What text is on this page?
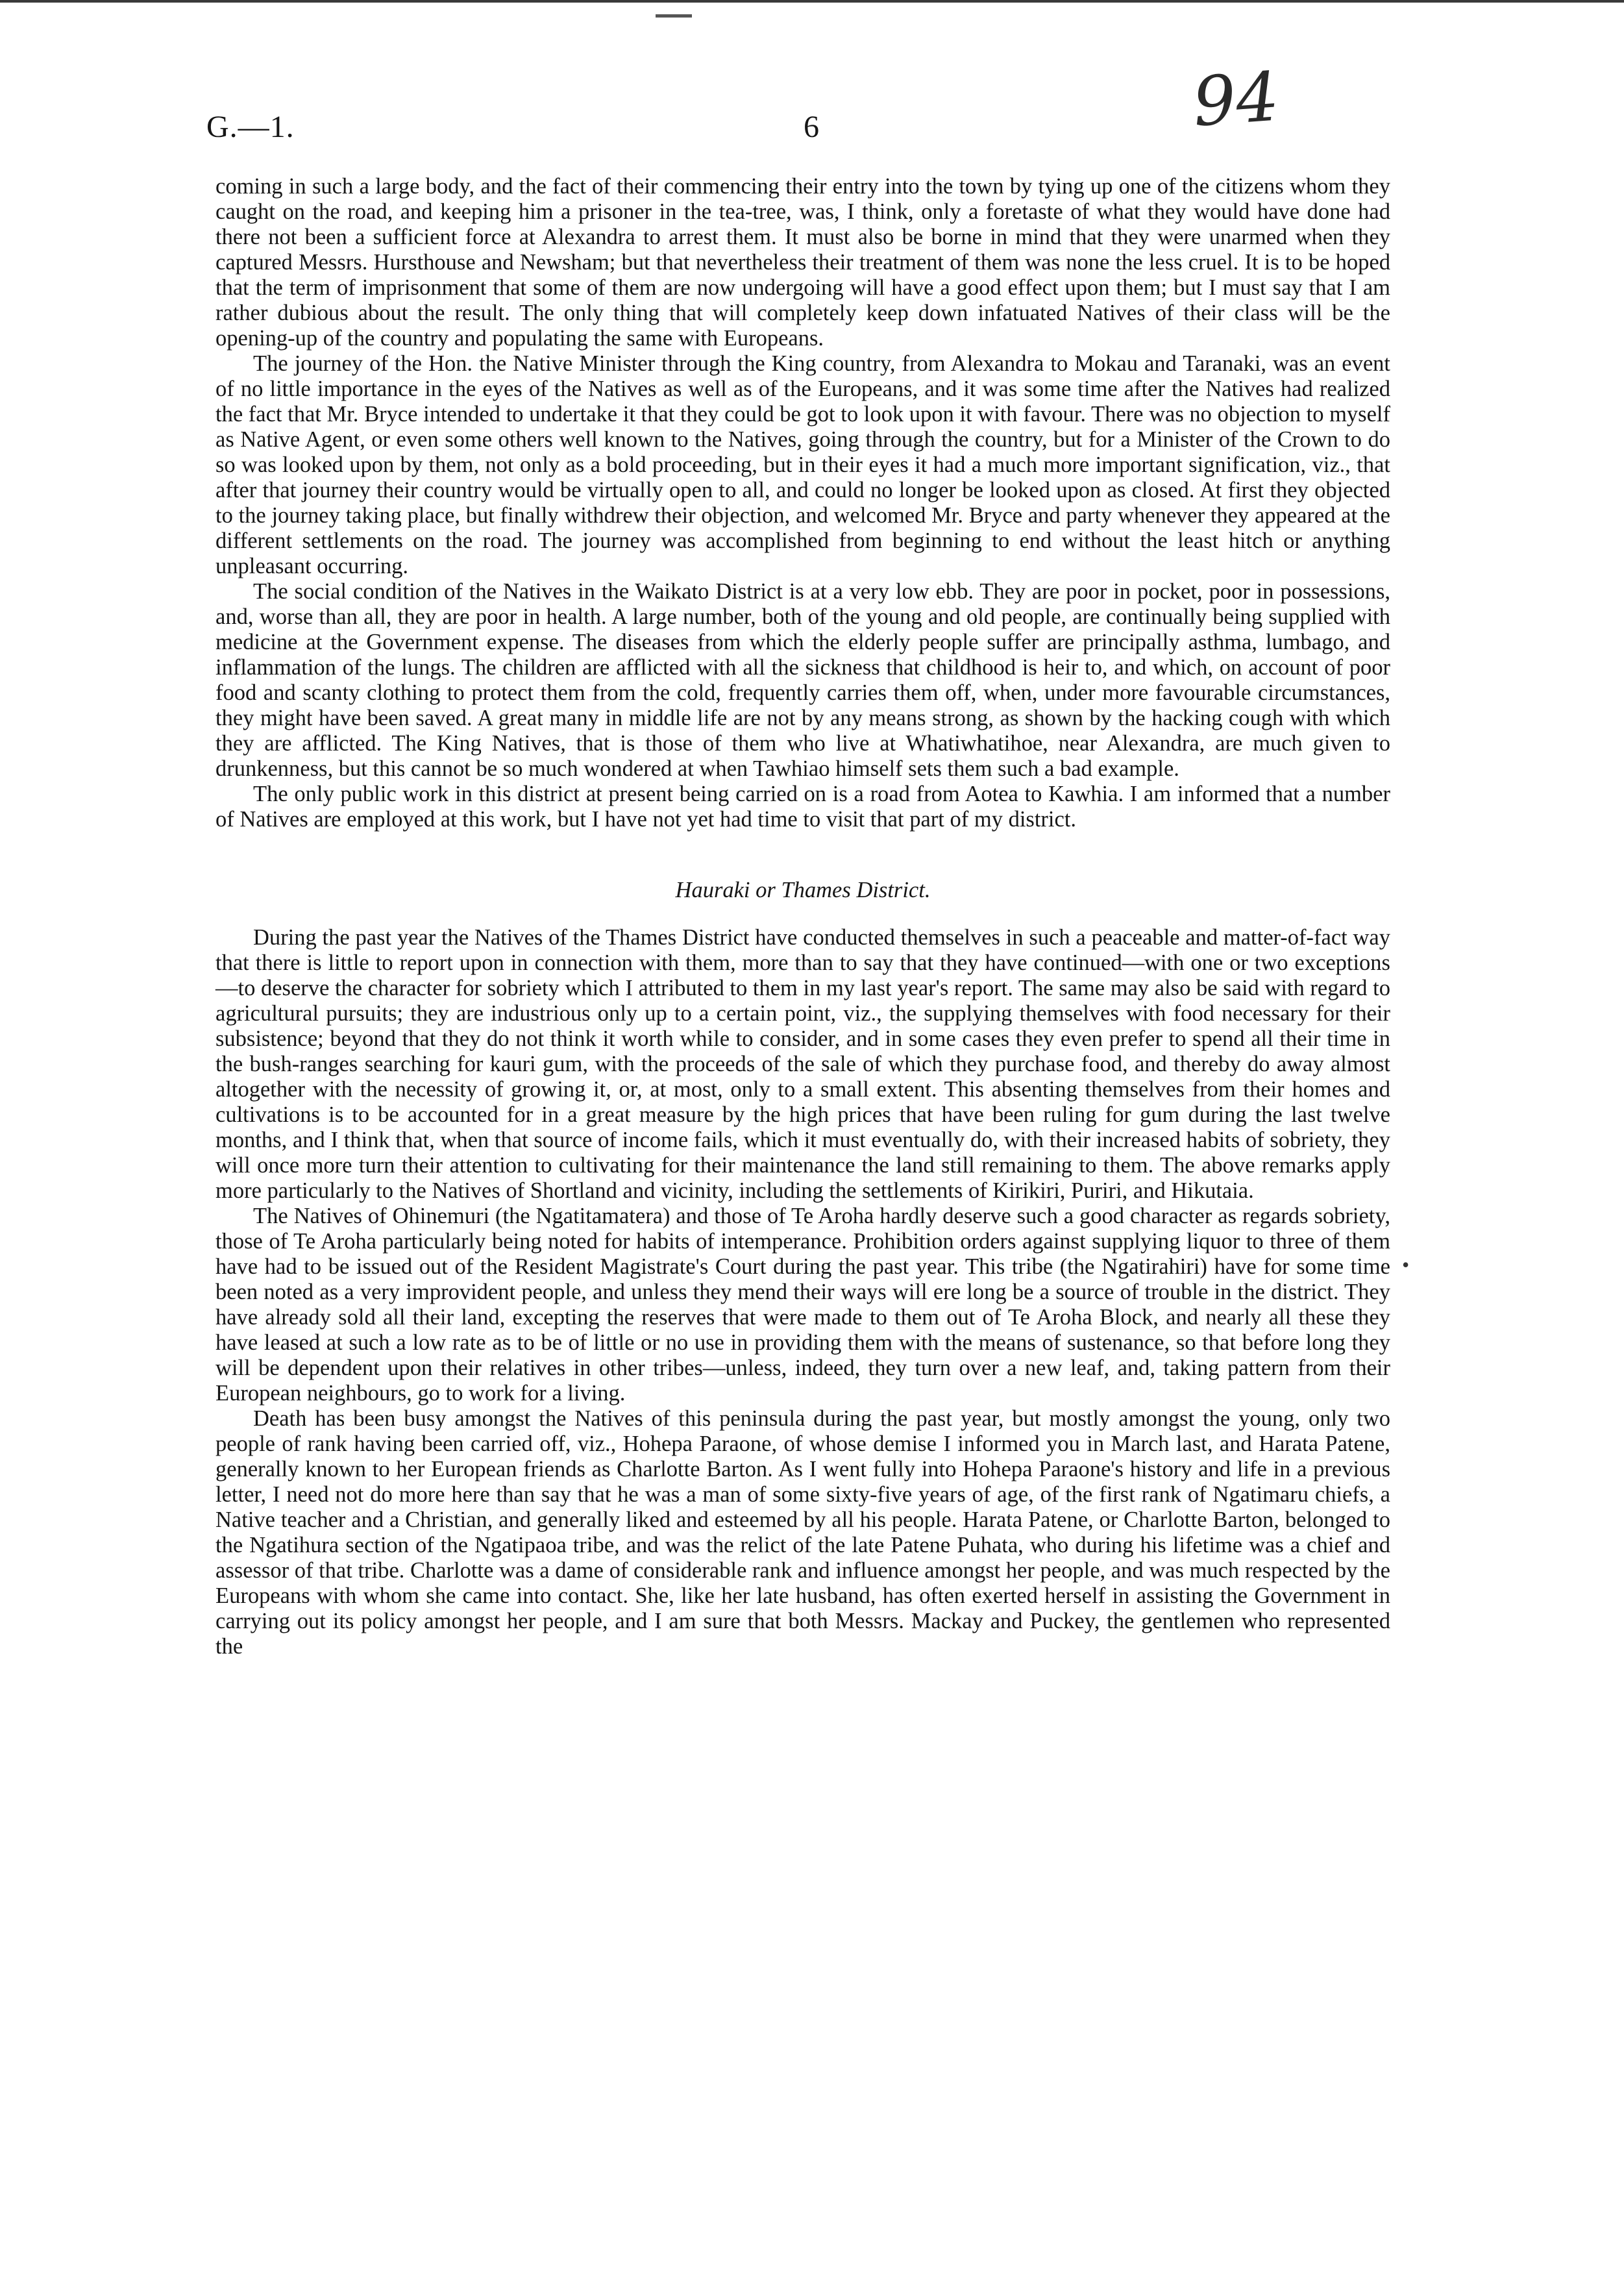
G.—1.	6	94
•

coming in such a large body, and the fact of their commencing their entry into the town by tying up one of the citizens whom they caught on the road, and keeping him a prisoner in the tea-tree, was, I think, only a foretaste of what they would have done had there not been a sufficient force at Alexandra to arrest them. It must also be borne in mind that they were unarmed when they captured Messrs. Hursthouse and Newsham; but that nevertheless their treatment of them was none the less cruel. It is to be hoped that the term of imprisonment that some of them are now undergoing will have a good effect upon them; but I must say that I am rather dubious about the result. The only thing that will completely keep down infatuated Natives of their class will be the opening-up of the country and populating the same with Europeans.

The journey of the Hon. the Native Minister through the King country, from Alexandra to Mokau and Taranaki, was an event of no little importance in the eyes of the Natives as well as of the Europeans, and it was some time after the Natives had realized the fact that Mr. Bryce intended to undertake it that they could be got to look upon it with favour. There was no objection to myself as Native Agent, or even some others well known to the Natives, going through the country, but for a Minister of the Crown to do so was looked upon by them, not only as a bold proceeding, but in their eyes it had a much more important signification, viz., that after that journey their country would be virtually open to all, and could no longer be looked upon as closed. At first they objected to the journey taking place, but finally withdrew their objection, and welcomed Mr. Bryce and party whenever they appeared at the different settlements on the road. The journey was accomplished from beginning to end without the least hitch or anything unpleasant occurring.

The social condition of the Natives in the Waikato District is at a very low ebb. They are poor in pocket, poor in possessions, and, worse than all, they are poor in health. A large number, both of the young and old people, are continually being supplied with medicine at the Government expense. The diseases from which the elderly people suffer are principally asthma, lumbago, and inflammation of the lungs. The children are afflicted with all the sickness that childhood is heir to, and which, on account of poor food and scanty clothing to protect them from the cold, frequently carries them off, when, under more favourable circumstances, they might have been saved. A great many in middle life are not by any means strong, as shown by the hacking cough with which they are afflicted. The King Natives, that is those of them who live at Whatiwhatihoe, near Alexandra, are much given to drunkenness, but this cannot be so much wondered at when Tawhiao himself sets them such a bad example.

The only public work in this district at present being carried on is a road from Aotea to Kawhia. I am informed that a number of Natives are employed at this work, but I have not yet had time to visit that part of my district.

Hauraki or Thames District.

During the past year the Natives of the Thames District have conducted themselves in such a peaceable and matter-of-fact way that there is little to report upon in connection with them, more than to say that they have continued—with one or two exceptions—to deserve the character for sobriety which I attributed to them in my last year's report. The same may also be said with regard to agricultural pursuits; they are industrious only up to a certain point, viz., the supplying themselves with food necessary for their subsistence; beyond that they do not think it worth while to consider, and in some cases they even prefer to spend all their time in the bush-ranges searching for kauri gum, with the proceeds of the sale of which they purchase food, and thereby do away almost altogether with the necessity of growing it, or, at most, only to a small extent. This absenting themselves from their homes and cultivations is to be accounted for in a great measure by the high prices that have been ruling for gum during the last twelve months, and I think that, when that source of income fails, which it must eventually do, with their increased habits of sobriety, they will once more turn their attention to cultivating for their maintenance the land still remaining to them. The above remarks apply more particularly to the Natives of Shortland and vicinity, including the settlements of Kirikiri, Puriri, and Hikutaia.

The Natives of Ohinemuri (the Ngatitamatera) and those of Te Aroha hardly deserve such a good character as regards sobriety, those of Te Aroha particularly being noted for habits of intemperance. Prohibition orders against supplying liquor to three of them have had to be issued out of the Resident Magistrate's Court during the past year. This tribe (the Ngatirahiri) have for some time been noted as a very improvident people, and unless they mend their ways will ere long be a source of trouble in the district. They have already sold all their land, excepting the reserves that were made to them out of Te Aroha Block, and nearly all these they have leased at such a low rate as to be of little or no use in providing them with the means of sustenance, so that before long they will be dependent upon their relatives in other tribes—unless, indeed, they turn over a new leaf, and, taking pattern from their European neighbours, go to work for a living.

Death has been busy amongst the Natives of this peninsula during the past year, but mostly amongst the young, only two people of rank having been carried off, viz., Hohepa Paraone, of whose demise I informed you in March last, and Harata Patene, generally known to her European friends as Charlotte Barton. As I went fully into Hohepa Paraone's history and life in a previous letter, I need not do more here than say that he was a man of some sixty-five years of age, of the first rank of Ngatimaru chiefs, a Native teacher and a Christian, and generally liked and esteemed by all his people. Harata Patene, or Charlotte Barton, belonged to the Ngatihura section of the Ngatipaoa tribe, and was the relict of the late Patene Puhata, who during his lifetime was a chief and assessor of that tribe. Charlotte was a dame of considerable rank and influence amongst her people, and was much respected by the Europeans with whom she came into contact. She, like her late husband, has often exerted herself in assisting the Government in carrying out its policy amongst her people, and I am sure that both Messrs. Mackay and Puckey, the gentlemen who represented the
